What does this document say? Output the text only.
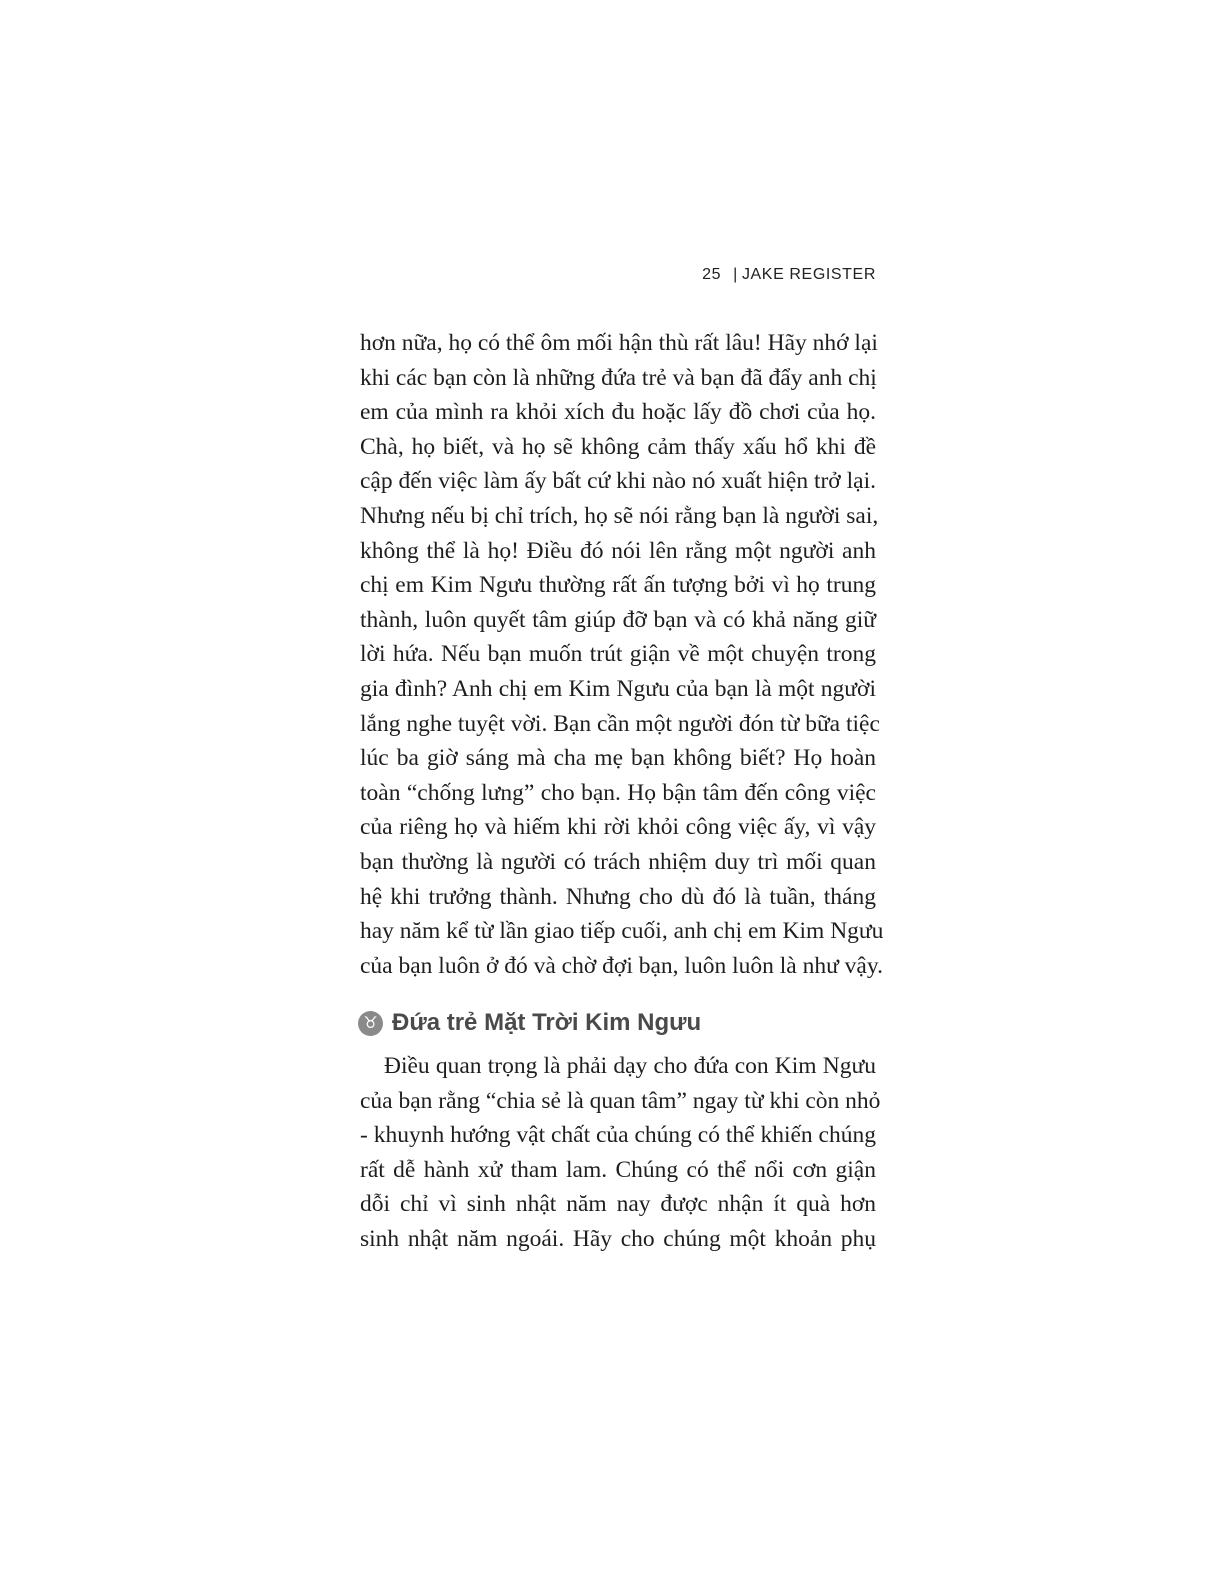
25 | JAKE REGISTER
hơn nữa, họ có thể ôm mối hận thù rất lâu! Hãy nhớ lại
khi các bạn còn là những đứa trẻ và bạn đã đẩy anh chị
em của mình ra khỏi xích đu hoặc lấy đồ chơi của họ.
Chà, họ biết, và họ sẽ không cảm thấy xấu hổ khi đề
cập đến việc làm ấy bất cứ khi nào nó xuất hiện trở lại.
Nhưng nếu bị chỉ trích, họ sẽ nói rằng bạn là người sai,
không thể là họ! Điều đó nói lên rằng một người anh
chị em Kim Ngưu thường rất ấn tượng bởi vì họ trung
thành, luôn quyết tâm giúp đỡ bạn và có khả năng giữ
lời hứa. Nếu bạn muốn trút giận về một chuyện trong
gia đình? Anh chị em Kim Ngưu của bạn là một người
lắng nghe tuyệt vời. Bạn cần một người đón từ bữa tiệc
lúc ba giờ sáng mà cha mẹ bạn không biết? Họ hoàn
toàn “chống lưng” cho bạn. Họ bận tâm đến công việc
của riêng họ và hiếm khi rời khỏi công việc ấy, vì vậy
bạn thường là người có trách nhiệm duy trì mối quan
hệ khi trưởng thành. Nhưng cho dù đó là tuần, tháng
hay năm kể từ lần giao tiếp cuối, anh chị em Kim Ngưu
của bạn luôn ở đó và chờ đợi bạn, luôn luôn là như vậy.
♉ Đứa trẻ Mặt Trời Kim Ngưu
Điều quan trọng là phải dạy cho đứa con Kim Ngưu
của bạn rằng “chia sẻ là quan tâm” ngay từ khi còn nhỏ
- khuynh hướng vật chất của chúng có thể khiến chúng
rất dễ hành xử tham lam. Chúng có thể nổi cơn giận
dỗi chỉ vì sinh nhật năm nay được nhận ít quà hơn
sinh nhật năm ngoái. Hãy cho chúng một khoản phụ
